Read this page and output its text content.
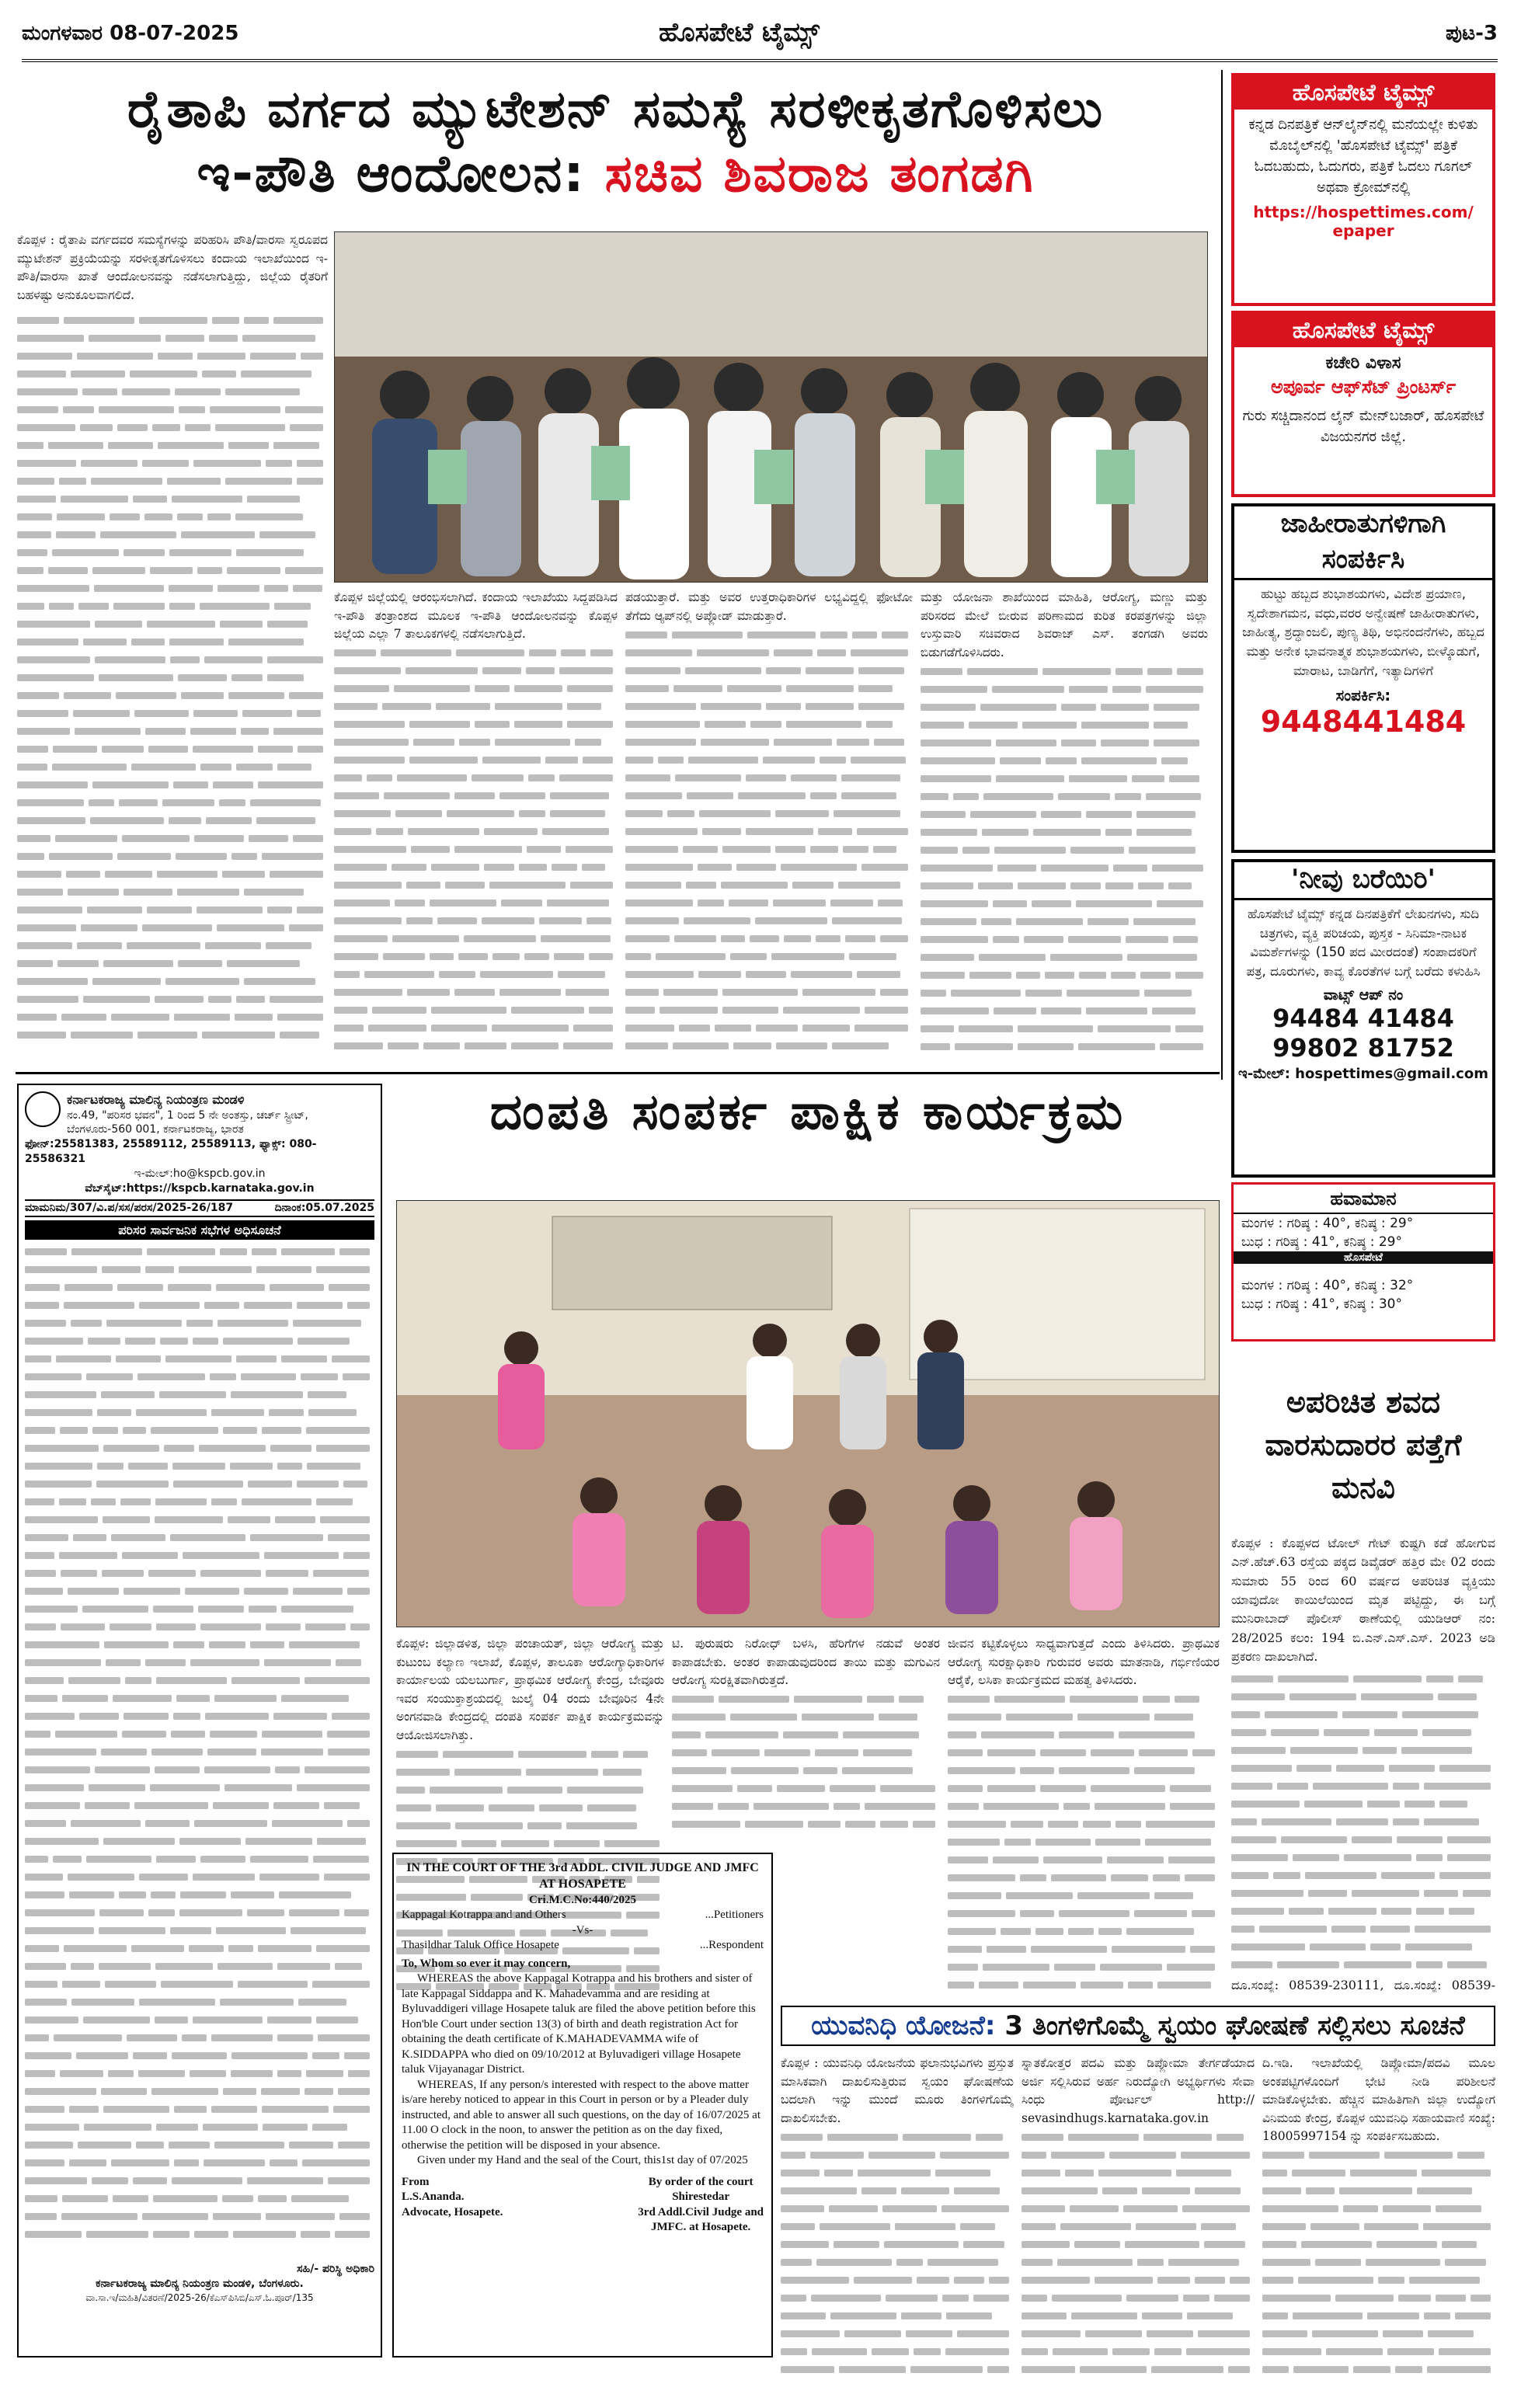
ಮಂಗಳವಾರ 08-07-2025	ಹೊಸಪೇಟೆ ಟೈಮ್ಸ್	ಪುಟ-3
ರೈತಾಪಿ ವರ್ಗದ ಮ್ಯುಟೇಶನ್ ಸಮಸ್ಯೆ ಸರಳೀಕೃತಗೊಳಿಸಲು
ಇ-ಪೌತಿ ಆಂದೋಲನ: ಸಚಿವ ಶಿವರಾಜ ತಂಗಡಗಿ

ಕೊಪ್ಪಳ : ರೈತಾಪಿ ವರ್ಗದವರ ಸಮಸ್ಯೆಗಳನ್ನು ಪರಿಹರಿಸಿ ಪೌತಿ/ವಾರಸಾ ಸ್ವರೂಪದ ಮ್ಯುಟೇಶನ್ ಪ್ರಕ್ರಿಯೆಯನ್ನು ಸರಳೀಕೃತಗೊಳಿಸಲು ಕಂದಾಯ ಇಲಾಖೆಯಿಂದ ಇ-ಪೌತಿ/ವಾರಸಾ ಖಾತೆ ಆಂದೋಲನವನ್ನು ನಡೆಸಲಾಗುತ್ತಿದ್ದು, ಜಿಲ್ಲೆಯ ರೈತರಿಗೆ ಬಹಳಷ್ಟು ಅನುಕೂಲವಾಗಲಿದೆ.

ಕೊಪ್ಪಳ ಜಿಲ್ಲೆಯಲ್ಲಿ ಆರಂಭಿಸಲಾಗಿದೆ. ಕಂದಾಯ ಇಲಾಖೆಯು ಸಿದ್ದಪಡಿಸಿದ ಇ-ಪೌತಿ ತಂತ್ರಾಂಶದ ಮೂಲಕ ಇ-ಪೌತಿ ಆಂದೋಲನವನ್ನು ಕೊಪ್ಪಳ ಜಿಲ್ಲೆಯ ಎಲ್ಲಾ 7 ತಾಲೂಕಗಳಲ್ಲಿ ನಡೆಸಲಾಗುತ್ತಿದೆ.

ಪಡಯುತ್ತಾರೆ. ಮತ್ತು ಅವರ ಉತ್ತರಾಧಿಕಾರಿಗಳ ಲಭ್ಯವಿದ್ದಲ್ಲಿ ಫೋಟೋ ತೆಗೆದು ಆ್ಯಪ್‌ನಲ್ಲಿ ಅಪ್ಲೋಡ್ ಮಾಡುತ್ತಾರೆ.

ಮತ್ತು ಯೋಜನಾ ಶಾಖೆಯಿಂದ ಮಾಹಿತಿ, ಆರೋಗ್ಯ, ಮಣ್ಣು ಮತ್ತು ಪರಿಸರದ ಮೇಲೆ ಬೀರುವ ಪರಿಣಾಮದ ಕುರಿತ ಕರಪತ್ರಗಳನ್ನು ಜಿಲ್ಲಾ ಉಸ್ತುವಾರಿ ಸಚಿವರಾದ ಶಿವರಾಜ್ ಎಸ್. ತಂಗಡಗಿ ಅವರು ಬಿಡುಗಡೆಗೊಳಿಸಿದರು.

ಹೊಸಪೇಟೆ ಟೈಮ್ಸ್
ಕನ್ನಡ ದಿನಪತ್ರಿಕೆ ಆನ್‌ಲೈನ್‌ನಲ್ಲಿ ಮನೆಯಲ್ಲೇ ಕುಳಿತು ಮೊಬೈಲ್‌ನಲ್ಲಿ 'ಹೊಸಪೇಟೆ ಟೈಮ್ಸ್' ಪತ್ರಿಕೆ ಓದಬಹುದು, ಓದುಗರು, ಪತ್ರಿಕೆ ಓದಲು ಗೂಗಲ್ ಅಥವಾ ಕ್ರೋಮ್‌ನಲ್ಲಿ
https://hospettimes.com/
epaper
ಹೊಸಪೇಟೆ ಟೈಮ್ಸ್
ಕಚೇರಿ ವಿಳಾಸ
ಅಪೂರ್ವ ಆಫ್‌ಸೆಟ್ ಪ್ರಿಂಟರ್ಸ್
ಗುರು ಸಚ್ಚಿದಾನಂದ ಲೈನ್ ಮೇನ್‌ಬಜಾರ್, ಹೊಸಪೇಟೆ ವಿಜಯನಗರ ಜಿಲ್ಲೆ.
ಜಾಹೀರಾತುಗಳಿಗಾಗಿ
ಸಂಪರ್ಕಿಸಿ
ಹುಟ್ಟು ಹಬ್ಬದ ಶುಭಾಶಯಗಳು, ವಿದೇಶ ಪ್ರಯಾಣ, ಸ್ವದೇಶಾಗಮನ, ವಧು,ವರರ ಅನ್ವೇಷಣೆ ಜಾಹೀರಾತುಗಳು, ಜಾಹೀತ್ಯ, ಶ್ರದ್ಧಾಂಜಲಿ, ಪುಣ್ಯ ತಿಥಿ, ಅಭಿನಂದನೆಗಳು, ಹಬ್ಬದ ಮತ್ತು ಅನೇಕ ಭಾವನಾತ್ಮಕ ಶುಭಾಶಯಗಳು, ಬೀಳ್ಕೊಡುಗೆ, ಮಾರಾಟ, ಬಾಡಿಗೆಗೆ, ಇತ್ಯಾದಿಗಳಿಗೆ
ಸಂಪರ್ಕಿಸಿ:
9448441484
'ನೀವು ಬರೆಯಿರಿ'
ಹೊಸಪೇಟೆ ಟೈಮ್ಸ್ ಕನ್ನಡ ದಿನಪತ್ರಿಕೆಗೆ ಲೇಖನಗಳು, ಸುದಿ ಚಿತ್ರಗಳು, ವ್ಯಕ್ತಿ ಪರಿಚಯ, ಪುಸ್ತಕ - ಸಿನಿಮಾ-ನಾಟಕ ವಿಮರ್ಶೆಗಳನ್ನು (150 ಪದ ಮೀರದಂತೆ) ಸಂಪಾದಕರಿಗೆ ಪತ್ರ, ದೂರುಗಳು, ಕಾವ್ಯ ಕೊರತೆಗಳ ಬಗ್ಗೆ ಬರೆದು ಕಳುಹಿಸಿ
ವಾಟ್ಸ್ ಆಪ್ ನಂ
94484 41484
99802 81752
ಇ-ಮೇಲ್: hospettimes@gmail.com
ಹವಾಮಾನ
ಮಂಗಳ : ಗರಿಷ್ಠ : 40°, ಕನಿಷ್ಠ : 29°
ಬುಧ : ಗರಿಷ್ಠ : 41°, ಕನಿಷ್ಠ : 29°
ಹೊಸಪೇಟೆ
ಮಂಗಳ : ಗರಿಷ್ಠ : 40°, ಕನಿಷ್ಠ : 32°
ಬುಧ : ಗರಿಷ್ಠ : 41°, ಕನಿಷ್ಠ : 30°
ಅಪರಿಚಿತ ಶವದ ವಾರಸುದಾರರ ಪತ್ತೆಗೆ ಮನವಿ

ಕೊಪ್ಪಳ : ಕೊಪ್ಪಳದ ಟೋಲ್ ಗೇಟ್ ಕುಷ್ಟಗಿ ಕಡೆ ಹೋಗುವ ಎನ್.ಹೆಚ್.63 ರಸ್ತೆಯ ಪಕ್ಕದ ಡಿವೈಡರ್ ಹತ್ತಿರ ಮೇ 02 ರಂದು ಸುಮಾರು 55 ರಿಂದ 60 ವರ್ಷದ ಅಪರಿಚಿತ ವ್ಯಕ್ತಿಯು ಯಾವುದೋ ಕಾಯಿಲೆಯಿಂದ ಮೃತ ಪಟ್ಟಿದ್ದು, ಈ ಬಗ್ಗೆ ಮುನಿರಾಬಾದ್ ಪೊಲೀಸ್ ಠಾಣೆಯಲ್ಲಿ ಯುಡಿಆರ್ ನಂ: 28/2025 ಕಲಂ: 194 ಬಿ.ಎನ್.ಎಸ್.ಎಸ್. 2023 ಅಡಿ ಪ್ರಕರಣ ದಾಖಲಾಗಿದೆ.

ದೂ.ಸಂಖ್ಯೆ: 08539-230111, ದೂ.ಸಂಖ್ಯೆ: 08539-

ಕರ್ನಾಟಕರಾಜ್ಯ ಮಾಲಿನ್ಯ ನಿಯಂತ್ರಣ ಮಂಡಳಿ
ನಂ.49, "ಪರಿಸರ ಭವನ", 1 ರಿಂದ 5 ನೇ ಅಂತಸ್ತು, ಚರ್ಚ್ ಸ್ಟ್ರೀಟ್, ಬೆಂಗಳೂರು-560 001, ಕರ್ನಾಟಕರಾಜ್ಯ, ಭಾರತ
ಫೋನ್:25581383, 25589112, 25589113, ಫ್ಯಾಕ್ಸ್: 080-25586321
ಇ-ಮೇಲ್:ho@kspcb.gov.in
ವೆಬ್‌ಸೈಟ್:https://kspcb.karnataka.gov.in
ಮಾಮನಿಮ/307/ವಿ.ಪ/ಸಸ/ಪರಸ/2025-26/187	ದಿನಾಂಕ:05.07.2025
ಪರಿಸರ ಸಾರ್ವಜನಿಕ ಸಭೆಗಳ ಅಧಿಸೂಚನೆ
ಸಹಿ/- ಪರಿಸ್ಥಿ ಅಧಿಕಾರಿ
ಕರ್ನಾಟಕರಾಜ್ಯ ಮಾಲಿನ್ಯ ನಿಯಂತ್ರಣ ಮಂಡಳಿ, ಬೆಂಗಳೂರು.
ವಾ.ಸಾ.ಇ/ಮಹಿತಿ/ವಿತರಣೆ/2025-26/ಕೆಎಸ್‌ಪಿಸಿಬಿ/ಎಸ್.ಓ.ಪೂರ್/135
ದಂಪತಿ ಸಂಪರ್ಕ ಪಾಕ್ಷಿಕ ಕಾರ್ಯಕ್ರಮ

ಕೊಪ್ಪಳ: ಜಿಲ್ಲಾಡಳಿತ, ಜಿಲ್ಲಾ ಪಂಚಾಯತ್, ಜಿಲ್ಲಾ ಆರೋಗ್ಯ ಮತ್ತು ಕುಟುಂಬ ಕಲ್ಯಾಣ ಇಲಾಖೆ, ಕೊಪ್ಪಳ, ತಾಲೂಕಾ ಆರೋಗ್ಯಾಧಿಕಾರಿಗಳ ಕಾರ್ಯಾಲಯ ಯಲಬುರ್ಗಾ, ಪ್ರಾಥಮಿಕ ಆರೋಗ್ಯ ಕೇಂದ್ರ, ಬೇವೂರು ಇವರ ಸಂಯುಕ್ತಾಶ್ರಯದಲ್ಲಿ ಜುಲೈ 04 ರಂದು ಬೇವೂರಿನ 4ನೇ ಅಂಗನವಾಡಿ ಕೇಂದ್ರದಲ್ಲಿ ದಂಪತಿ ಸಂಪರ್ಕ ಪಾಕ್ಷಿಕ ಕಾರ್ಯಕ್ರಮವನ್ನು ಆಯೋಜಿಸಲಾಗಿತ್ತು.

ಟಿ. ಪುರುಷರು ನಿರೋಧ್ ಬಳಸಿ, ಹೆರಿಗೆಗಳ ನಡುವೆ ಅಂತರ ಕಾಪಾಡಬೇಕು. ಅಂತರ ಕಾಪಾಡುವುದರಿಂದ ತಾಯಿ ಮತ್ತು ಮಗುವಿನ ಆರೋಗ್ಯ ಸುರಕ್ಷಿತವಾಗಿರುತ್ತದೆ.

ಜೀವನ ಕಟ್ಟಿಕೊಳ್ಳಲು ಸಾಧ್ಯವಾಗುತ್ತದೆ ಎಂದು ತಿಳಿಸಿದರು. ಪ್ರಾಥಮಿಕ ಆರೋಗ್ಯ ಸುರಕ್ಷಾಧಿಕಾರಿ ಗುರುವರ ಅವರು ಮಾತನಾಡಿ, ಗರ್ಭಿಣಿಯರ ಆರೈಕೆ, ಲಸಿಕಾ ಕಾರ್ಯಕ್ರಮದ ಮಹತ್ವ ತಿಳಿಸಿದರು.

IN THE COURT OF THE 3rd ADDL. CIVIL JUDGE AND JMFC AT HOSAPETE
Cri.M.C.No:440/2025
Kappagal Kotrappa and and Others	...Petitioners
-Vs-
Thasildhar Taluk Office Hosapete	...Respondent
To, Whom so ever it may concern,

WHEREAS the above Kappagal Kotrappa and his brothers and sister of late Kappagal Siddappa and K. Mahadevamma and are residing at Byluvaddigeri village Hosapete taluk are filed the above petition before this Hon'ble Court under section 13(3) of birth and death registration Act for obtaining the death certificate of K.MAHADEVAMMA wife of K.SIDDAPPA who died on 09/10/2012 at Byluvadigeri village Hosapete taluk Vijayanagar District.

WHEREAS, If any person/s interested with respect to the above matter is/are hereby noticed to appear in this Court in person or by a Pleader duly instructed, and able to answer all such questions, on the day of 16/07/2025 at 11.00 O clock in the noon, to answer the petition as on the day fixed, otherwise the petition will be disposed in your absence.

Given under my Hand and the seal of the Court, this1st day of 07/2025

From
L.S.Ananda.
Advocate, Hosapete.
By order of the court
Shirestedar
3rd Addl.Civil Judge and
JMFC. at Hosapete.
ಯುವನಿಧಿ ಯೋಜನೆ: 3 ತಿಂಗಳಿಗೊಮ್ಮೆ ಸ್ವಯಂ ಘೋಷಣೆ ಸಲ್ಲಿಸಲು ಸೂಚನೆ

ಕೊಪ್ಪಳ : ಯುವನಿಧಿ ಯೋಜನೆಯ ಫಲಾನುಭವಿಗಳು ಪ್ರಸ್ತುತ ಮಾಸಿಕವಾಗಿ ದಾಖಲಿಸುತ್ತಿರುವ ಸ್ವಯಂ ಘೋಷಣೆಯ ಬದಲಾಗಿ ಇನ್ನು ಮುಂದೆ ಮೂರು ತಿಂಗಳಿಗೊಮ್ಮೆ ದಾಖಲಿಸಬೇಕು.

ಸ್ನಾತಕೋತ್ತರ ಪದವಿ ಮತ್ತು ಡಿಪ್ಲೋಮಾ ತೇರ್ಗಡೆಯಾದ ಅರ್ಜಿ ಸಲ್ಲಿಸಿರುವ ಅರ್ಹ ನಿರುದ್ಯೋಗಿ ಅಭ್ಯರ್ಥಿಗಳು ಸೇವಾ ಸಿಂಧು ಪೋರ್ಟಲ್ http:// sevasindhugs.karnataka.gov.in

ದಿ.ಇಡಿ. ಇಲಾಖೆಯಲ್ಲಿ ಡಿಪ್ಲೋಮಾ/ಪದವಿ ಮೂಲ ಅಂಕಪಟ್ಟಿಗಳೊಂದಿಗೆ ಭೇಟಿ ನೀಡಿ ಪರಿಶೀಲನೆ ಮಾಡಿಕೊಳ್ಳಬೇಕು. ಹೆಚ್ಚಿನ ಮಾಹಿತಿಗಾಗಿ ಜಿಲ್ಲಾ ಉದ್ಯೋಗ ವಿನಿಮಯ ಕೇಂದ್ರ, ಕೊಪ್ಪಳ ಯುವನಿಧಿ ಸಹಾಯವಾಣಿ ಸಂಖ್ಯೆ: 18005997154 ನ್ನು ಸಂಪರ್ಕಿಸಬಹುದು.
